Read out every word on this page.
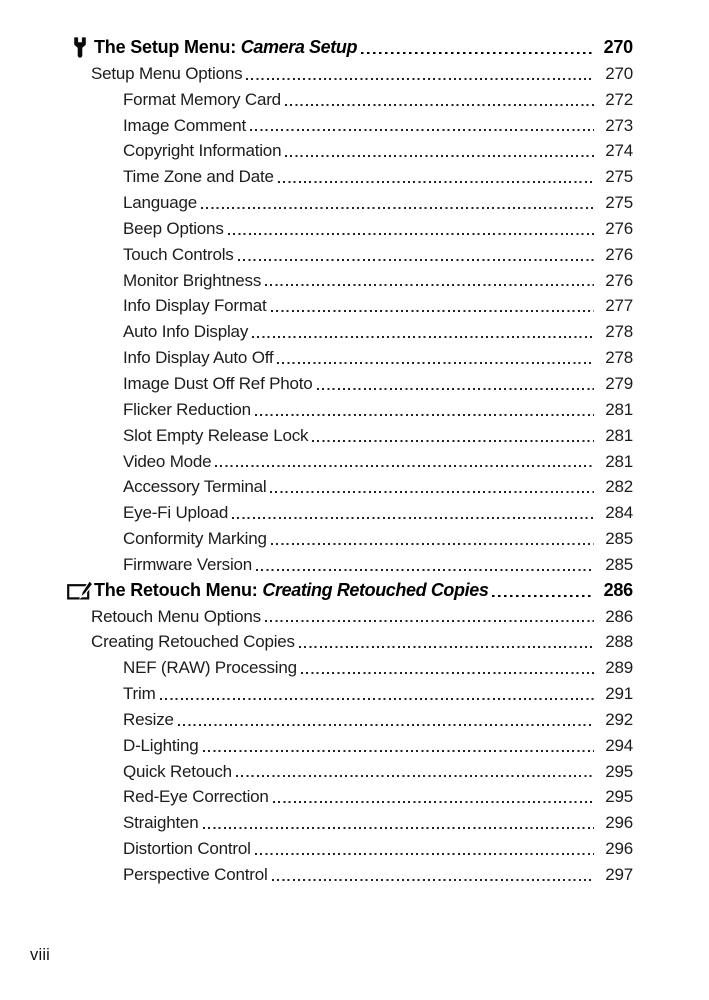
The Setup Menu: Camera Setup	270
Setup Menu Options	270
Format Memory Card	272
Image Comment	273
Copyright Information	274
Time Zone and Date	275
Language	275
Beep Options	276
Touch Controls	276
Monitor Brightness	276
Info Display Format	277
Auto Info Display	278
Info Display Auto Off	278
Image Dust Off Ref Photo	279
Flicker Reduction	281
Slot Empty Release Lock	281
Video Mode	281
Accessory Terminal	282
Eye-Fi Upload	284
Conformity Marking	285
Firmware Version	285
The Retouch Menu: Creating Retouched Copies	286
Retouch Menu Options	286
Creating Retouched Copies	288
NEF (RAW) Processing	289
Trim	291
Resize	292
D-Lighting	294
Quick Retouch	295
Red-Eye Correction	295
Straighten	296
Distortion Control	296
Perspective Control	297
viii
